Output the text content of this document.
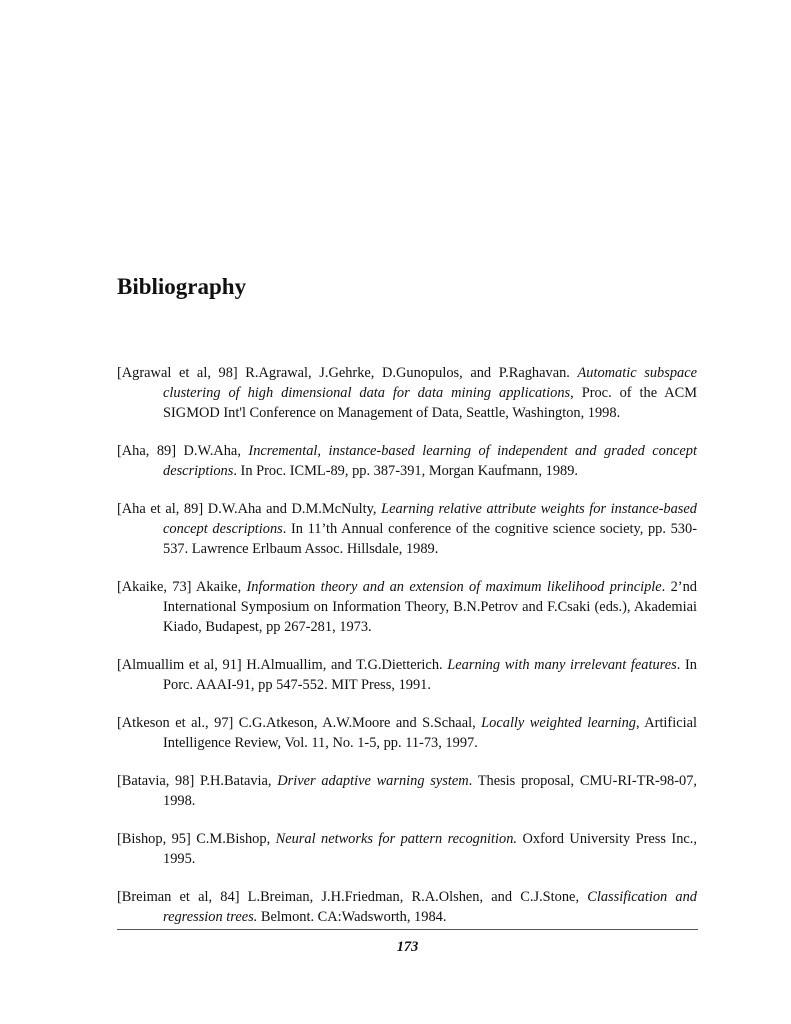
Bibliography

[Agrawal et al, 98] R.Agrawal, J.Gehrke, D.Gunopulos, and P.Raghavan. Automatic subspace clustering of high dimensional data for data mining applications, Proc. of the ACM SIGMOD Int'l Conference on Management of Data, Seattle, Washington, 1998.

[Aha, 89] D.W.Aha, Incremental, instance-based learning of independent and graded concept descriptions. In Proc. ICML-89, pp. 387-391, Morgan Kaufmann, 1989.

[Aha et al, 89] D.W.Aha and D.M.McNulty, Learning relative attribute weights for instance-based concept descriptions. In 11’th Annual conference of the cognitive science society, pp. 530-537. Lawrence Erlbaum Assoc. Hillsdale, 1989.

[Akaike, 73] Akaike, Information theory and an extension of maximum likelihood principle. 2’nd International Symposium on Information Theory, B.N.Petrov and F.Csaki (eds.), Akademiai Kiado, Budapest, pp 267-281, 1973.

[Almuallim et al, 91] H.Almuallim, and T.G.Dietterich. Learning with many irrelevant features. In Porc. AAAI-91, pp 547-552. MIT Press, 1991.

[Atkeson et al., 97] C.G.Atkeson, A.W.Moore and S.Schaal, Locally weighted learning, Artificial Intelligence Review, Vol. 11, No. 1-5, pp. 11-73, 1997.

[Batavia, 98] P.H.Batavia, Driver adaptive warning system. Thesis proposal, CMU-RI-TR-98-07, 1998.

[Bishop, 95] C.M.Bishop, Neural networks for pattern recognition. Oxford University Press Inc., 1995.

[Breiman et al, 84] L.Breiman, J.H.Friedman, R.A.Olshen, and C.J.Stone, Classification and regression trees. Belmont. CA:Wadsworth, 1984.

173
